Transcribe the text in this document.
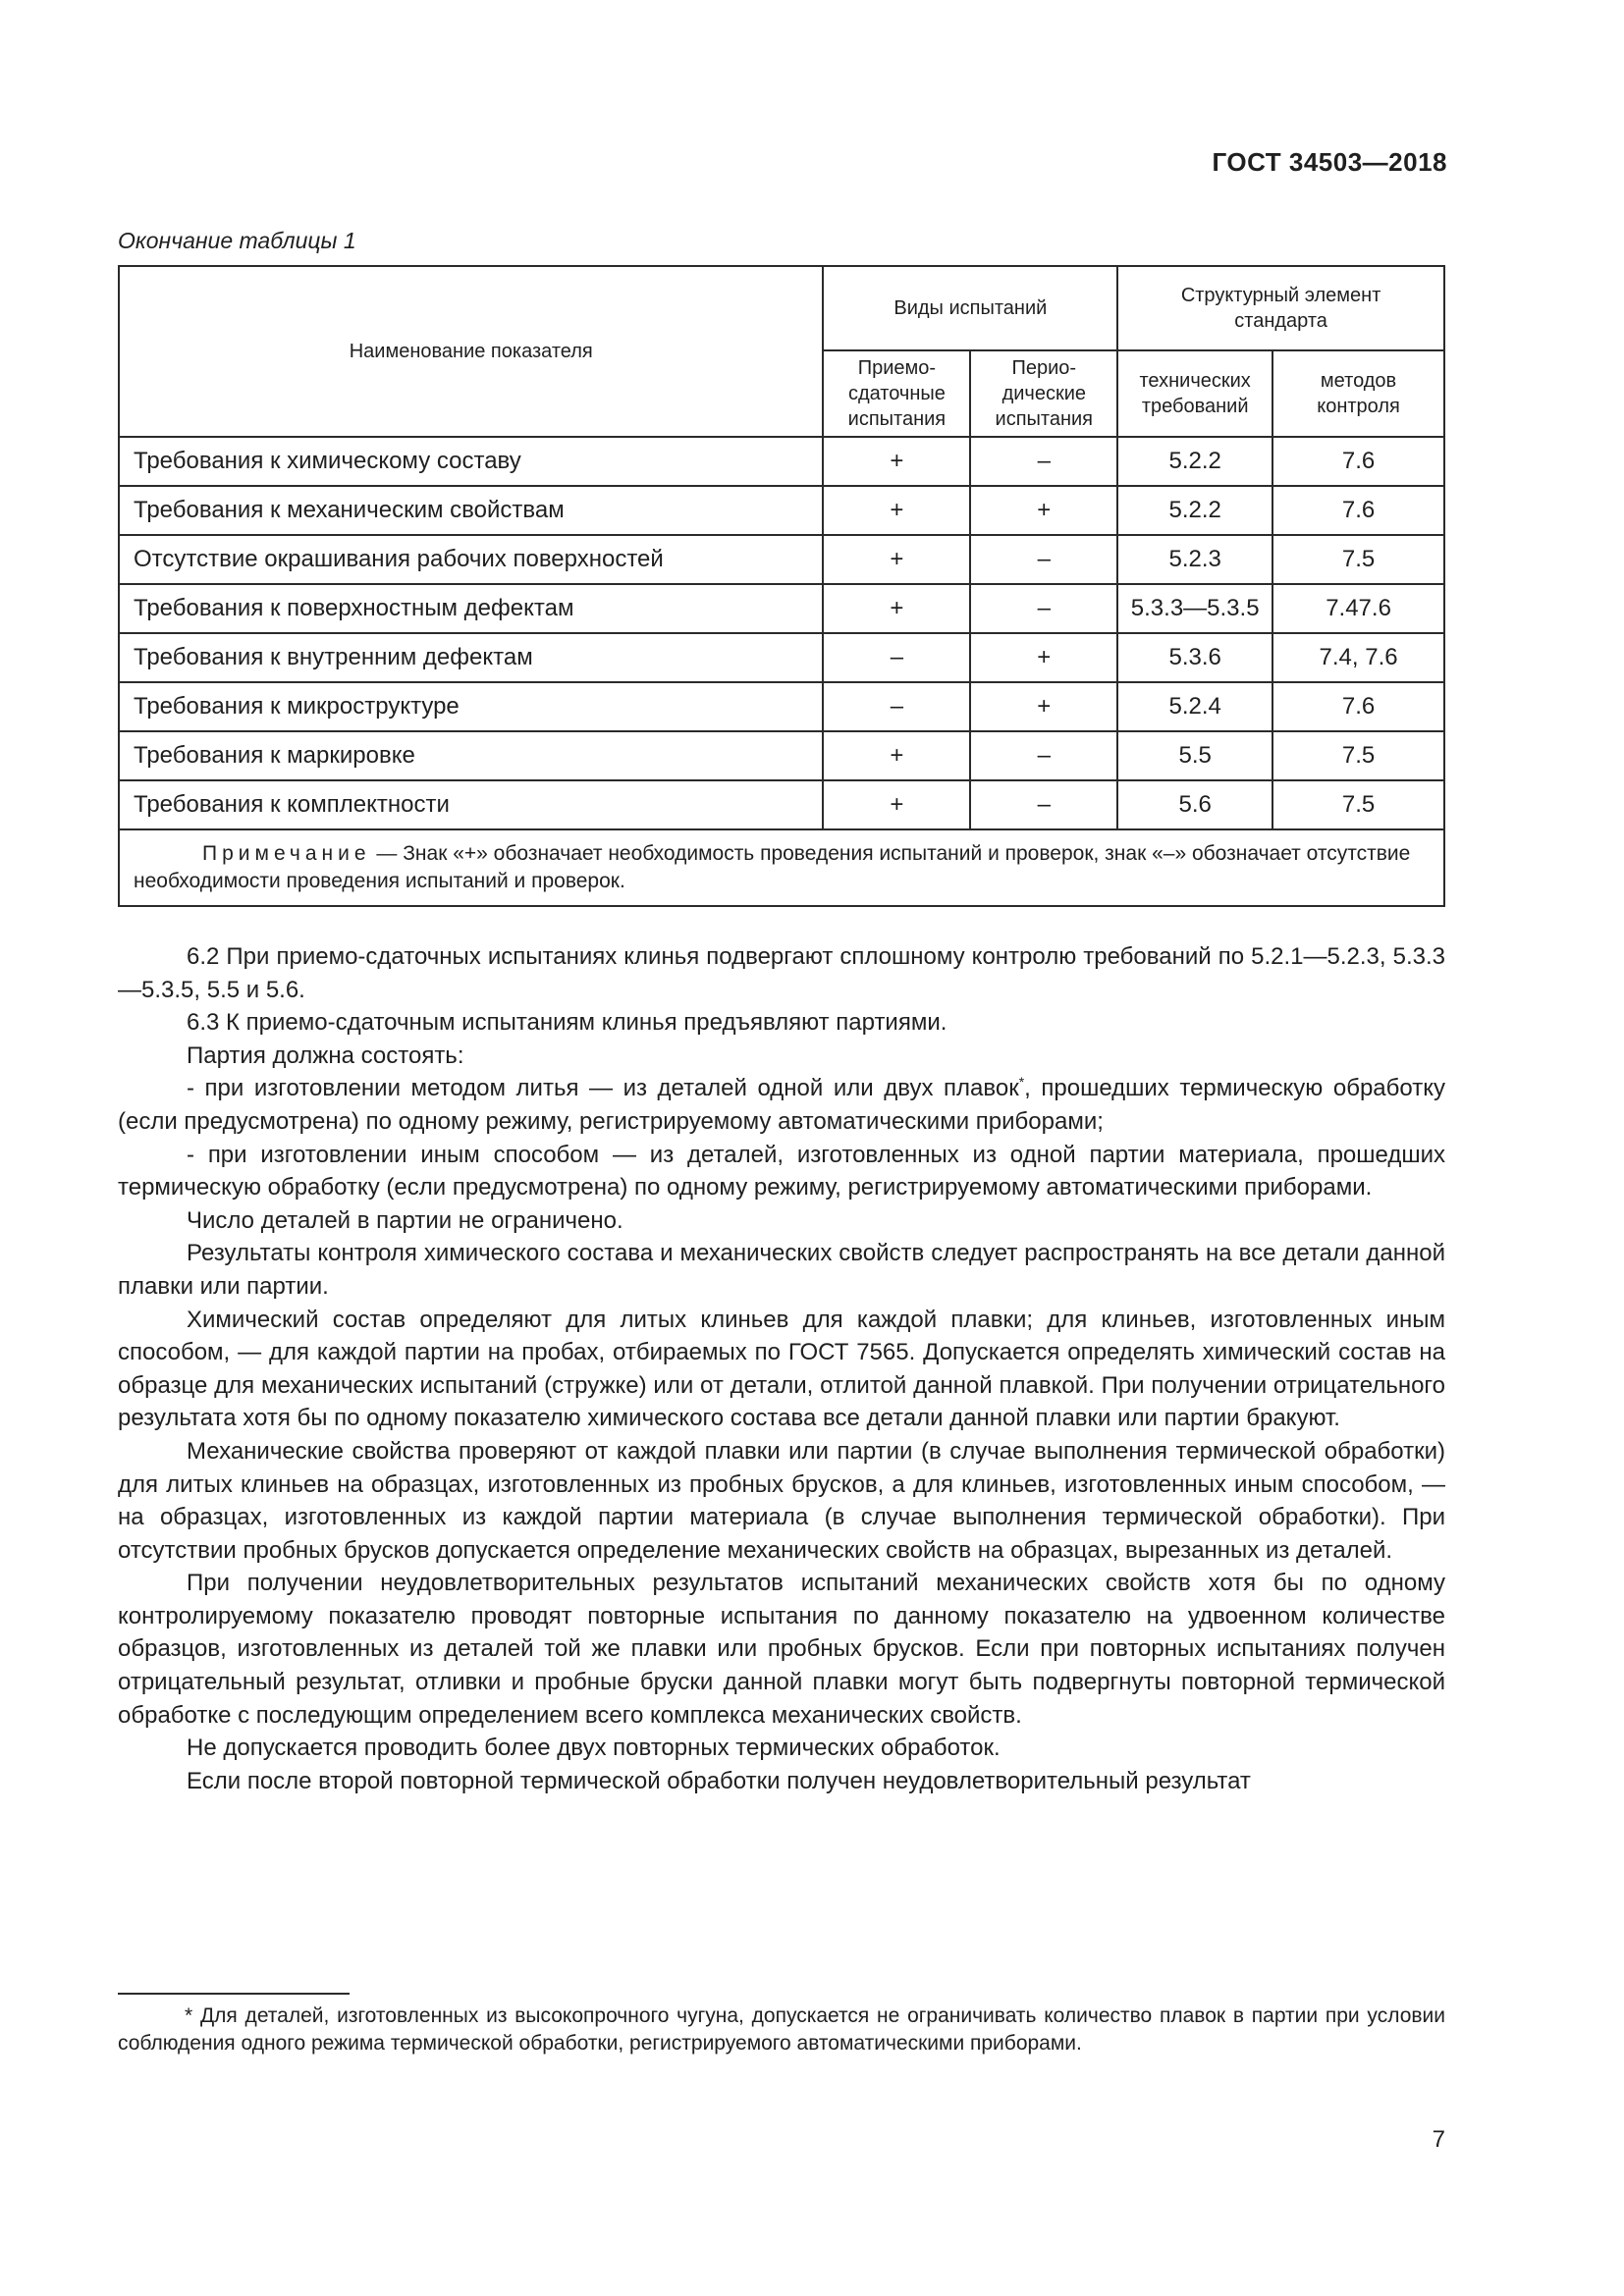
ГОСТ 34503—2018
Окончание таблицы 1
Наименование показателя	Виды испытаний		Структурный элемент стандарта	

	Приемо-сдаточные испытания	Перио-дические испытания	технических требований	методов контроля

Требования к химическому составу	+	–	5.2.2	7.6
Требования к механическим свойствам	+	+	5.2.2	7.6
Отсутствие окрашивания рабочих поверхностей	+	–	5.2.3	7.5
Требования к поверхностным дефектам	+	–	5.3.3—5.3.5	7.47.6
Требования к внутренним дефектам	–	+	5.3.6	7.4, 7.6
Требования к микроструктуре	–	+	5.2.4	7.6
Требования к маркировке	+	–	5.5	7.5
Требования к комплектности	+	–	5.6	7.5
Примечание — Знак «+» обозначает необходимость проведения испытаний и проверок, знак «–» обозначает отсутствие необходимости проведения испытаний и проверок.				

6.2 При приемо-сдаточных испытаниях клинья подвергают сплошному контролю требований по 5.2.1—5.2.3, 5.3.3—5.3.5, 5.5 и 5.6.

6.3 К приемо-сдаточным испытаниям клинья предъявляют партиями.

Партия должна состоять:

- при изготовлении методом литья — из деталей одной или двух плавок*, прошедших термическую обработку (если предусмотрена) по одному режиму, регистрируемому автоматическими приборами;

- при изготовлении иным способом — из деталей, изготовленных из одной партии материала, прошедших термическую обработку (если предусмотрена) по одному режиму, регистрируемому автоматическими приборами.

Число деталей в партии не ограничено.

Результаты контроля химического состава и механических свойств следует распространять на все детали данной плавки или партии.

Химический состав определяют для литых клиньев для каждой плавки; для клиньев, изготовленных иным способом, — для каждой партии на пробах, отбираемых по ГОСТ 7565. Допускается определять химический состав на образце для механических испытаний (стружке) или от детали, отлитой данной плавкой. При получении отрицательного результата хотя бы по одному показателю химического состава все детали данной плавки или партии бракуют.

Механические свойства проверяют от каждой плавки или партии (в случае выполнения термической обработки) для литых клиньев на образцах, изготовленных из пробных брусков, а для клиньев, изготовленных иным способом, — на образцах, изготовленных из каждой партии материала (в случае выполнения термической обработки). При отсутствии пробных брусков допускается определение механических свойств на образцах, вырезанных из деталей.

При получении неудовлетворительных результатов испытаний механических свойств хотя бы по одному контролируемому показателю проводят повторные испытания по данному показателю на удвоенном количестве образцов, изготовленных из деталей той же плавки или пробных брусков. Если при повторных испытаниях получен отрицательный результат, отливки и пробные бруски данной плавки могут быть подвергнуты повторной термической обработке с последующим определением всего комплекса механических свойств.

Не допускается проводить более двух повторных термических обработок.

Если после второй повторной термической обработки получен неудовлетворительный результат

* Для деталей, изготовленных из высокопрочного чугуна, допускается не ограничивать количество плавок в партии при условии соблюдения одного режима термической обработки, регистрируемого автоматическими приборами.

7
